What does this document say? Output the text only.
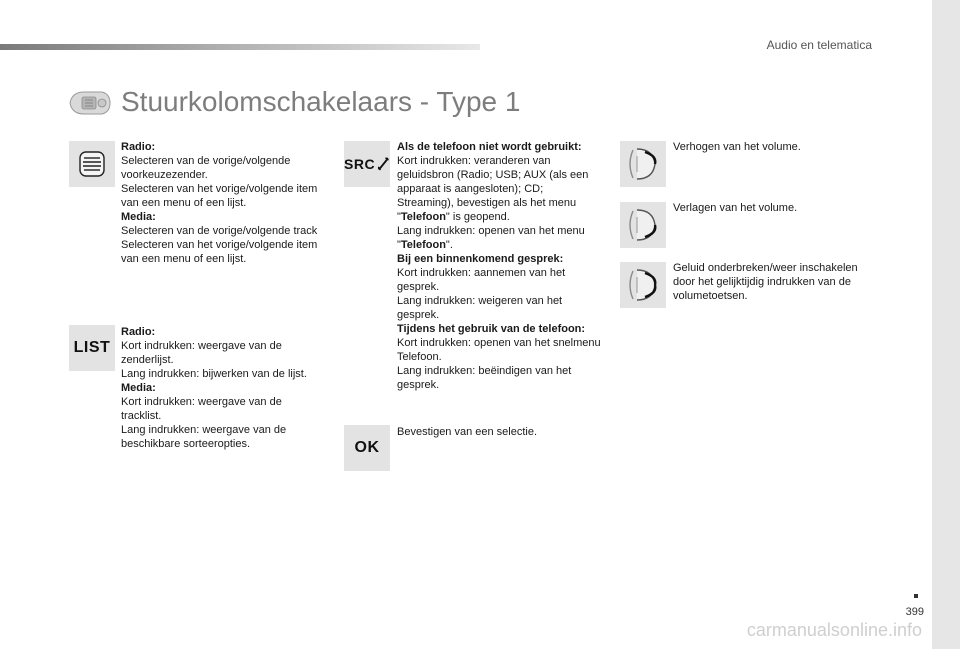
Audio en telematica
Stuurkolomschakelaars - Type 1

Radio:

Selecteren van de vorige/volgende voorkeuzezender.

Selecteren van het vorige/volgende item van een menu of een lijst.

Media:

Selecteren van de vorige/volgende track

Selecteren van het vorige/volgende item van een menu of een lijst.

LIST

Radio:

Kort indrukken: weergave van de zenderlijst.

Lang indrukken: bijwerken van de lijst.

Media:

Kort indrukken: weergave van de tracklist.

Lang indrukken: weergave van de beschikbare sorteeropties.

SRC

Als de telefoon niet wordt gebruikt:

Kort indrukken: veranderen van geluidsbron (Radio; USB; AUX (als een apparaat is aangesloten); CD; Streaming), bevestigen als het menu "Telefoon" is geopend.

Lang indrukken: openen van het menu "Telefoon".

Bij een binnenkomend gesprek:

Kort indrukken: aannemen van het gesprek.

Lang indrukken: weigeren van het gesprek.

Tijdens het gebruik van de telefoon:

Kort indrukken: openen van het snelmenu Telefoon.

Lang indrukken: beëindigen van het gesprek.

OK
Bevestigen van een selectie.
Verhogen van het volume.
Verlagen van het volume.
Geluid onderbreken/weer inschakelen door het gelijktijdig indrukken van de volumetoetsen.
399
carmanualsonline.info
